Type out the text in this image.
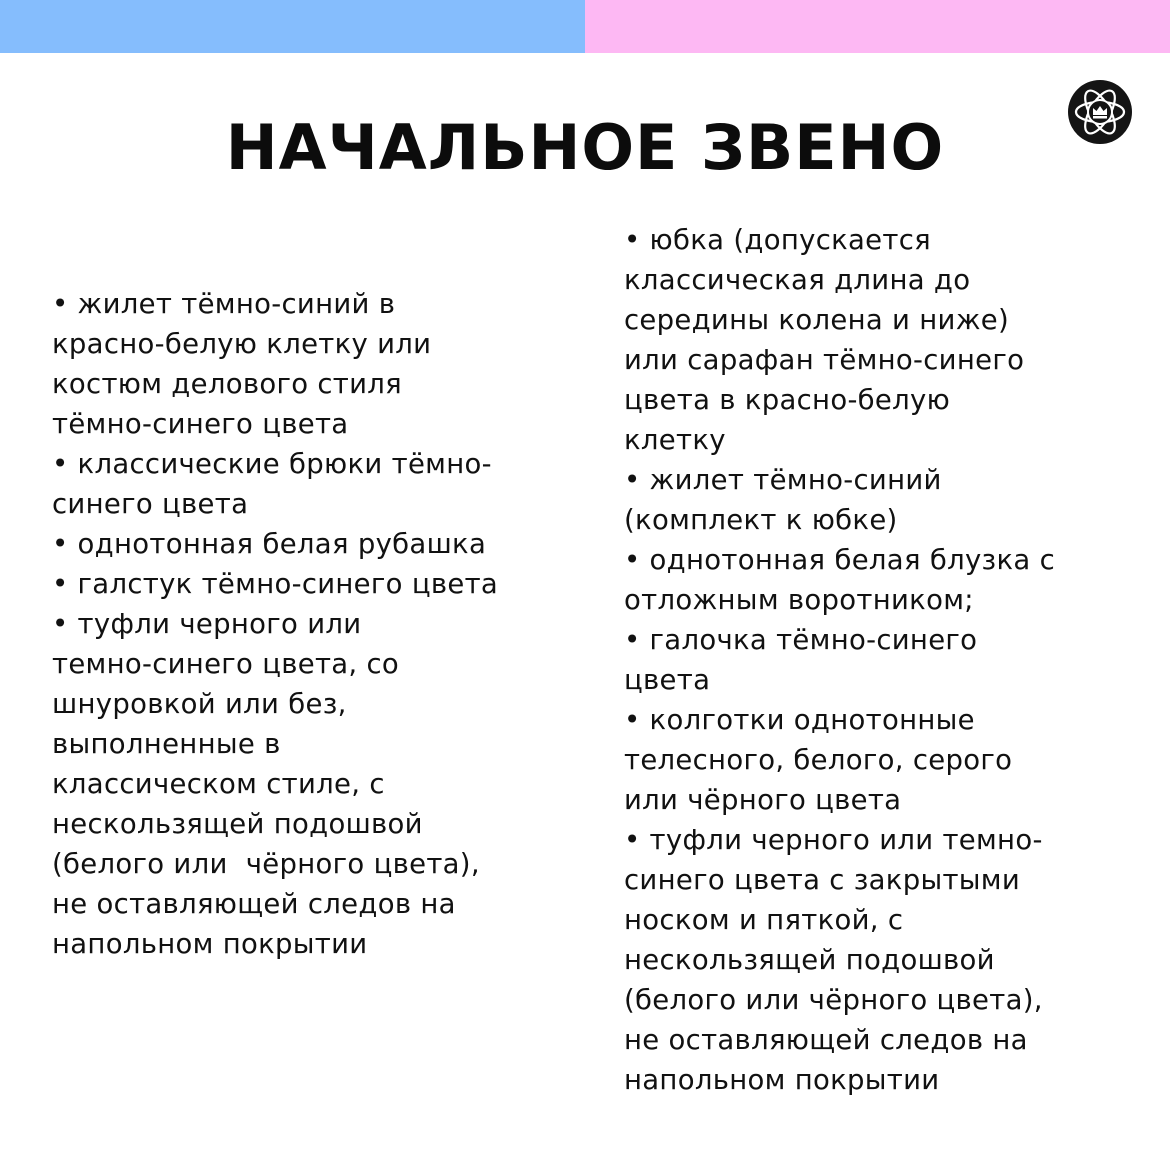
НАЧАЛЬНОЕ ЗВЕНО
• жилет тёмно-синий в
красно-белую клетку или
костюм делового стиля
тёмно-синего цвета
• классические брюки тёмно-
синего цвета
• однотонная белая рубашка
• галстук тёмно-синего цвета
• туфли черного или
темно-синего цвета, со
шнуровкой или без,
выполненные в
классическом стиле, с
нескользящей подошвой
(белого или  чёрного цвета),
не оставляющей следов на
напольном покрытии
• юбка (допускается
классическая длина до
середины колена и ниже)
или сарафан тёмно-синего
цвета в красно-белую
клетку
• жилет тёмно-синий
(комплект к юбке)
• однотонная белая блузка с
отложным воротником;
• галочка тёмно-синего
цвета
• колготки однотонные
телесного, белого, серого
или чёрного цвета
• туфли черного или темно-
синего цвета с закрытыми
носком и пяткой, с
нескользящей подошвой
(белого или чёрного цвета),
не оставляющей следов на
напольном покрытии
